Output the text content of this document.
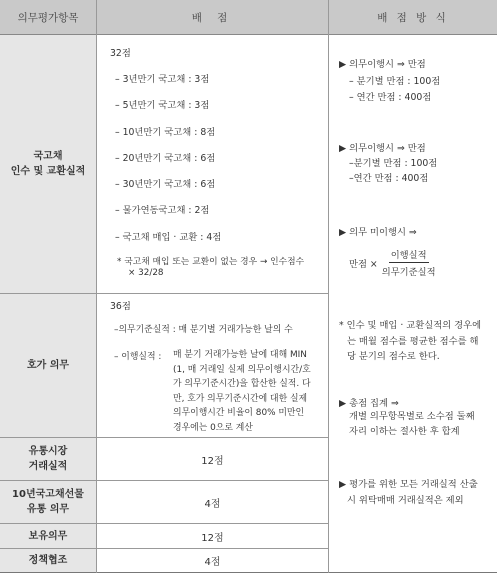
의무평가항목	배 점	배 점 방 식
국고채
인수 및 교환실적
호가 의무
유통시장
거래실적
10년국고채선물
유통 의무
보유의무
정책협조
32점
– 3년만기 국고채 : 3점
– 5년만기 국고채 : 3점
– 10년만기 국고채 : 8점
– 20년만기 국고채 : 6점
– 30년만기 국고채 : 6점
– 물가연동국고채 : 2점
– 국고채 매입 · 교환 : 4점
* 국고채 매입 또는 교환이 없는 경우 → 인수점수
× 32/28
36점
–의무기준실적 : 매 분기별 거래가능한 날의 수
– 이행실적 : 매 분기 거래가능한 날에 대해 MIN
(1, 매 거래일 실제 의무이행시간/호
가 의무기준시간)을 합산한 실적. 다
만, 호가 의무기준시간에 대한 실제
의무이행시간 비율이 80% 미만인
경우에는 0으로 계산
12점
4점
12점
4점
▶ 의무이행시 ⇒ 만점
– 분기별 만점 : 100점
– 연간 만점 : 400점
▶ 의무이행시 ⇒ 만점
–분기별 만점 : 100점
–연간 만점 : 400점
▶ 의무 미이행시 ⇒
만점 × $\frac{\text{이행실적}}{\text{의무기준실적}}$
* 인수 및 매입 · 교환실적의 경우에
는 매월 점수를 평균한 점수를 해
당 분기의 점수로 한다.
▶ 총점 집계 ⇒
개별 의무항목별로 소수점 둘째
자리 이하는 절사한 후 합계
▶ 평가를 위한 모든 거래실적 산출
시 위탁매매 거래실적은 제외
